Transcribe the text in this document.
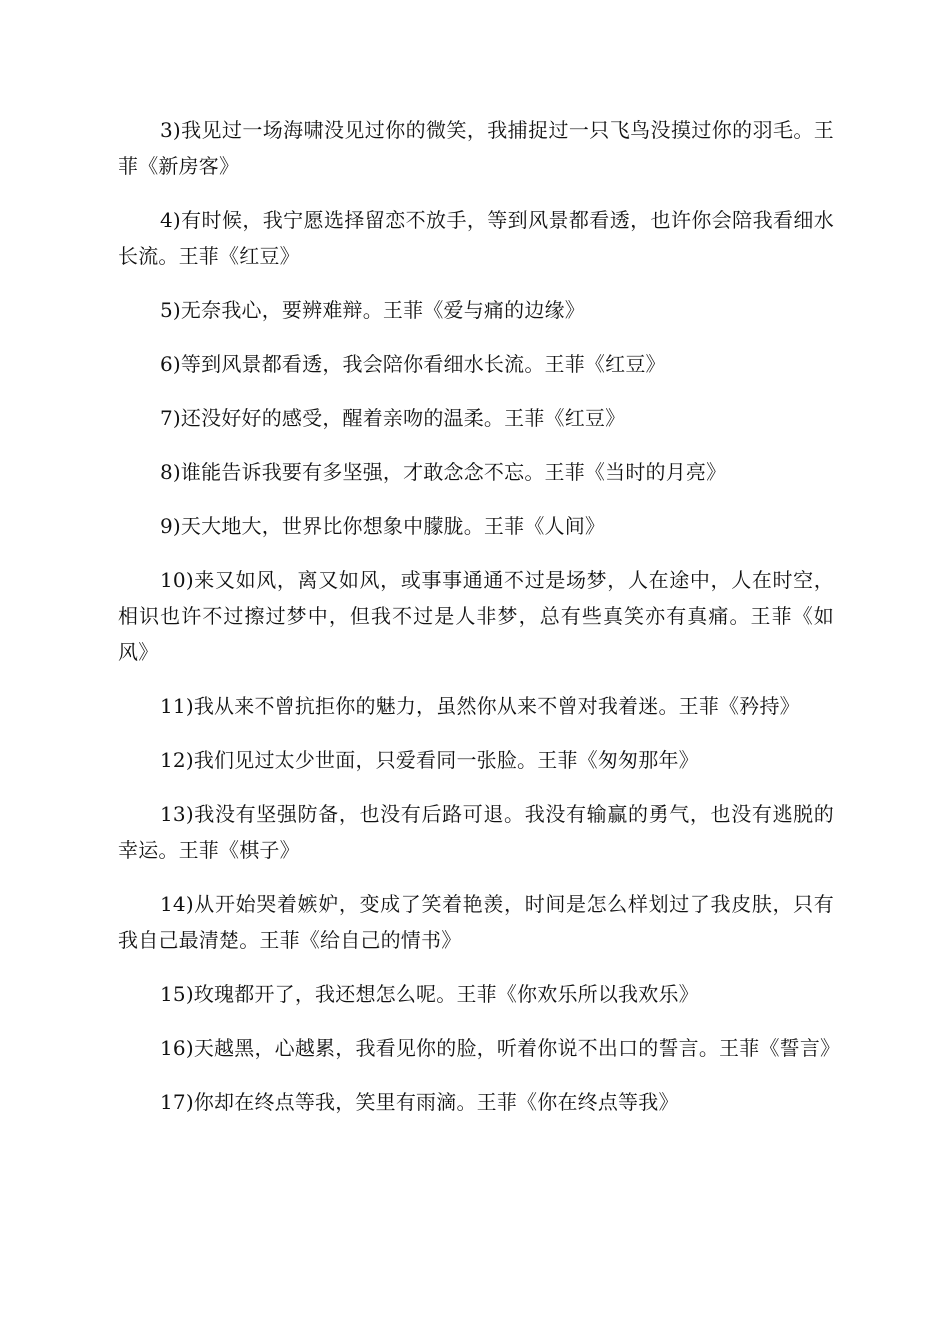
3)我见过一场海啸没见过你的微笑，我捕捉过一只飞鸟没摸过你的羽毛。王菲《新房客》

4)有时候，我宁愿选择留恋不放手，等到风景都看透，也许你会陪我看细水长流。王菲《红豆》

5)无奈我心，要辨难辩。王菲《爱与痛的边缘》

6)等到风景都看透，我会陪你看细水长流。王菲《红豆》

7)还没好好的感受，醒着亲吻的温柔。王菲《红豆》

8)谁能告诉我要有多坚强，才敢念念不忘。王菲《当时的月亮》

9)天大地大，世界比你想象中朦胧。王菲《人间》

10)来又如风，离又如风，或事事通通不过是场梦，人在途中，人在时空，相识也许不过擦过梦中，但我不过是人非梦，总有些真笑亦有真痛。王菲《如风》

11)我从来不曾抗拒你的魅力，虽然你从来不曾对我着迷。王菲《矜持》

12)我们见过太少世面，只爱看同一张脸。王菲《匆匆那年》

13)我没有坚强防备，也没有后路可退。我没有输赢的勇气，也没有逃脱的幸运。王菲《棋子》

14)从开始哭着嫉妒，变成了笑着艳羡，时间是怎么样划过了我皮肤，只有我自己最清楚。王菲《给自己的情书》

15)玫瑰都开了，我还想怎么呢。王菲《你欢乐所以我欢乐》

16)天越黑，心越累，我看见你的脸，听着你说不出口的誓言。王菲《誓言》

17)你却在终点等我，笑里有雨滴。王菲《你在终点等我》
